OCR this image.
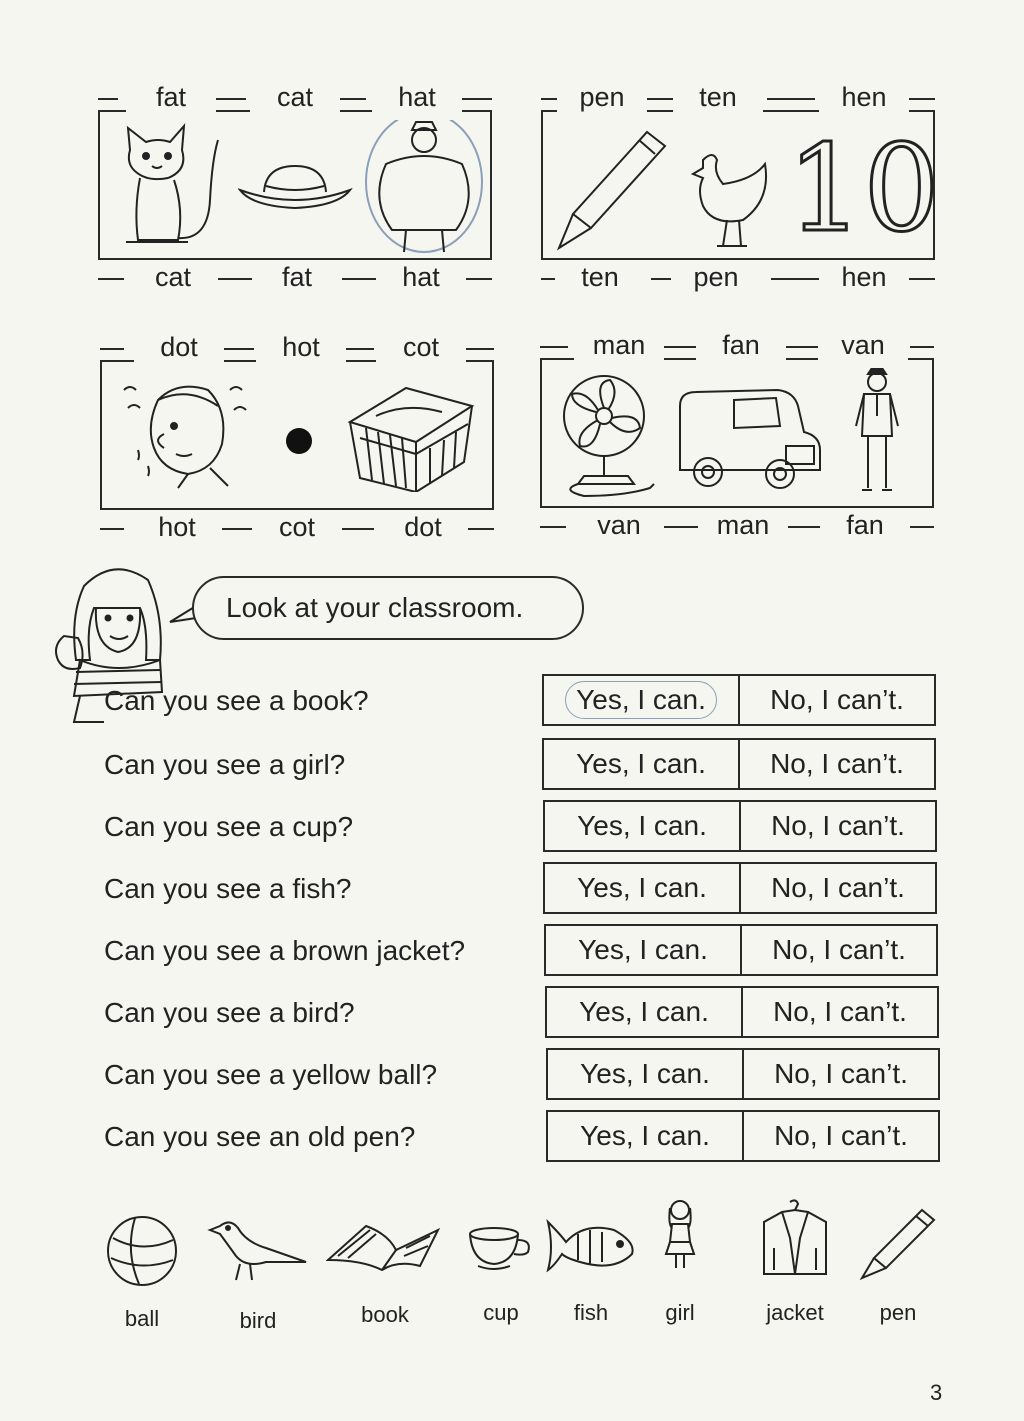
fat	cat	hat
cat	fat	hat
pen	ten	hen
ten	pen	hen
10
dot	hot	cot
hot	cot	dot
man	fan	van
van	man	fan
Look at your classroom.
Can you see a book?	Yes, I can.	No, I can’t.
Can you see a girl?	Yes, I can.	No, I can’t.
Can you see a cup?	Yes, I can.	No, I can’t.
Can you see a fish?	Yes, I can.	No, I can’t.
Can you see a brown jacket?	Yes, I can.	No, I can’t.
Can you see a bird?	Yes, I can.	No, I can’t.
Can you see a yellow ball?	Yes, I can.	No, I can’t.
Can you see an old pen?	Yes, I can.	No, I can’t.
ball	bird	book	cup	fish	girl	jacket	pen
3
